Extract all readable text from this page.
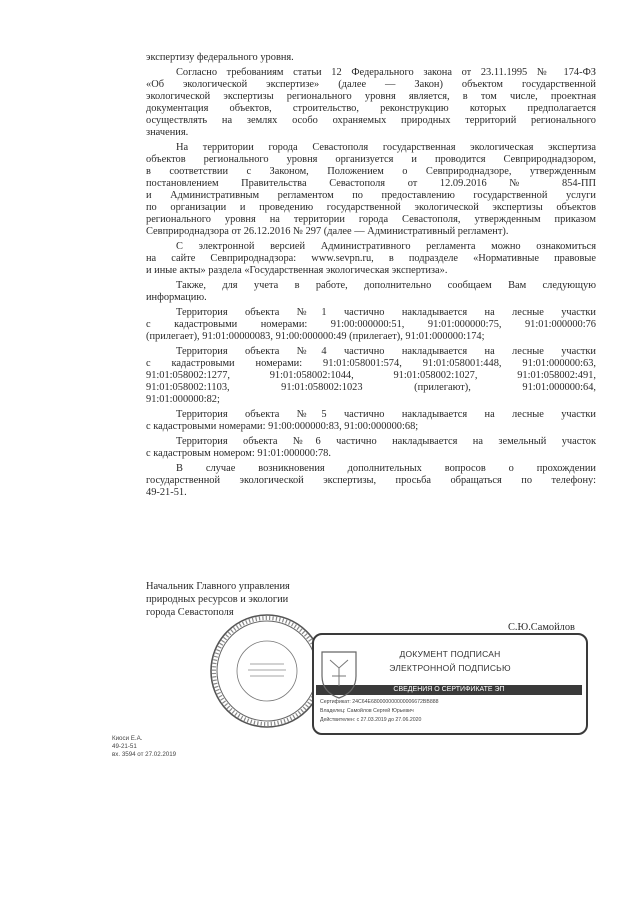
экспертизу федерального уровня.
Согласно требованиям статьи 12 Федерального закона от 23.11.1995 № 174-ФЗ
«Об экологической экспертизе» (далее — Закон) объектом государственной
экологической экспертизы регионального уровня является, в том числе, проектная
документация объектов, строительство, реконструкцию которых предполагается
осуществлять на землях особо охраняемых природных территорий регионального
значения.
На территории города Севастополя государственная экологическая экспертиза
объектов регионального уровня организуется и проводится Севприроднадзором,
в соответствии с Законом, Положением о Севприроднадзоре, утвержденным
постановлением Правительства Севастополя от 12.09.2016 № 854-ПП
и Административным регламентом по предоставлению государственной услуги
по организации и проведению государственной экологической экспертизы объектов
регионального уровня на территории города Севастополя, утвержденным приказом
Севприроднадзора от 26.12.2016 № 297 (далее — Административный регламент).
С электронной версией Административного регламента можно ознакомиться
на сайте Севприроднадзора: www.sevpn.ru, в подразделе «Нормативные правовые
и иные акты» раздела «Государственная экологическая экспертиза».
Также, для учета в работе, дополнительно сообщаем Вам следующую
информацию.
Территория объекта №1 частично накладывается на лесные участки
с кадастровыми номерами: 91:00:000000:51, 91:01:000000:75, 91:01:000000:76
(прилегает), 91:01:00000083, 91:00:000000:49 (прилегает), 91:01:000000:174;
Территория объекта №4 частично накладывается на лесные участки
с кадастровыми номерами: 91:01:058001:574, 91:01:058001:448, 91:01:000000:63,
91:01:058002:1277, 91:01:058002:1044, 91:01:058002:1027, 91:01:058002:491,
91:01:058002:1103, 91:01:058002:1023 (прилегают), 91:01:000000:64,
91:01:000000:82;
Территория объекта №5 частично накладывается на лесные участки
с кадастровыми номерами: 91:00:000000:83, 91:00:000000:68;
Территория объекта №6 частично накладывается на земельный участок
с кадастровым номером: 91:01:000000:78.
В случае возникновения дополнительных вопросов о прохождении
государственной экологической экспертизы, просьба обращаться по телефону:
49-21-51.
Начальник Главного управления
природных ресурсов и экологии
города Севастополя
С.Ю.Самойлов
ДОКУМЕНТ ПОДПИСАН
ЭЛЕКТРОННОЙ ПОДПИСЬЮ
СВЕДЕНИЯ О СЕРТИФИКАТЕ ЭП
Сертификат: 24С64Е680000000000006672ВВ888
Владелец: Самойлов Сергей Юрьевич
Действителен: с 27.03.2019 до 27.06.2020
Киоси Е.А.
49-21-51
вх. 3594 от 27.02.2019
